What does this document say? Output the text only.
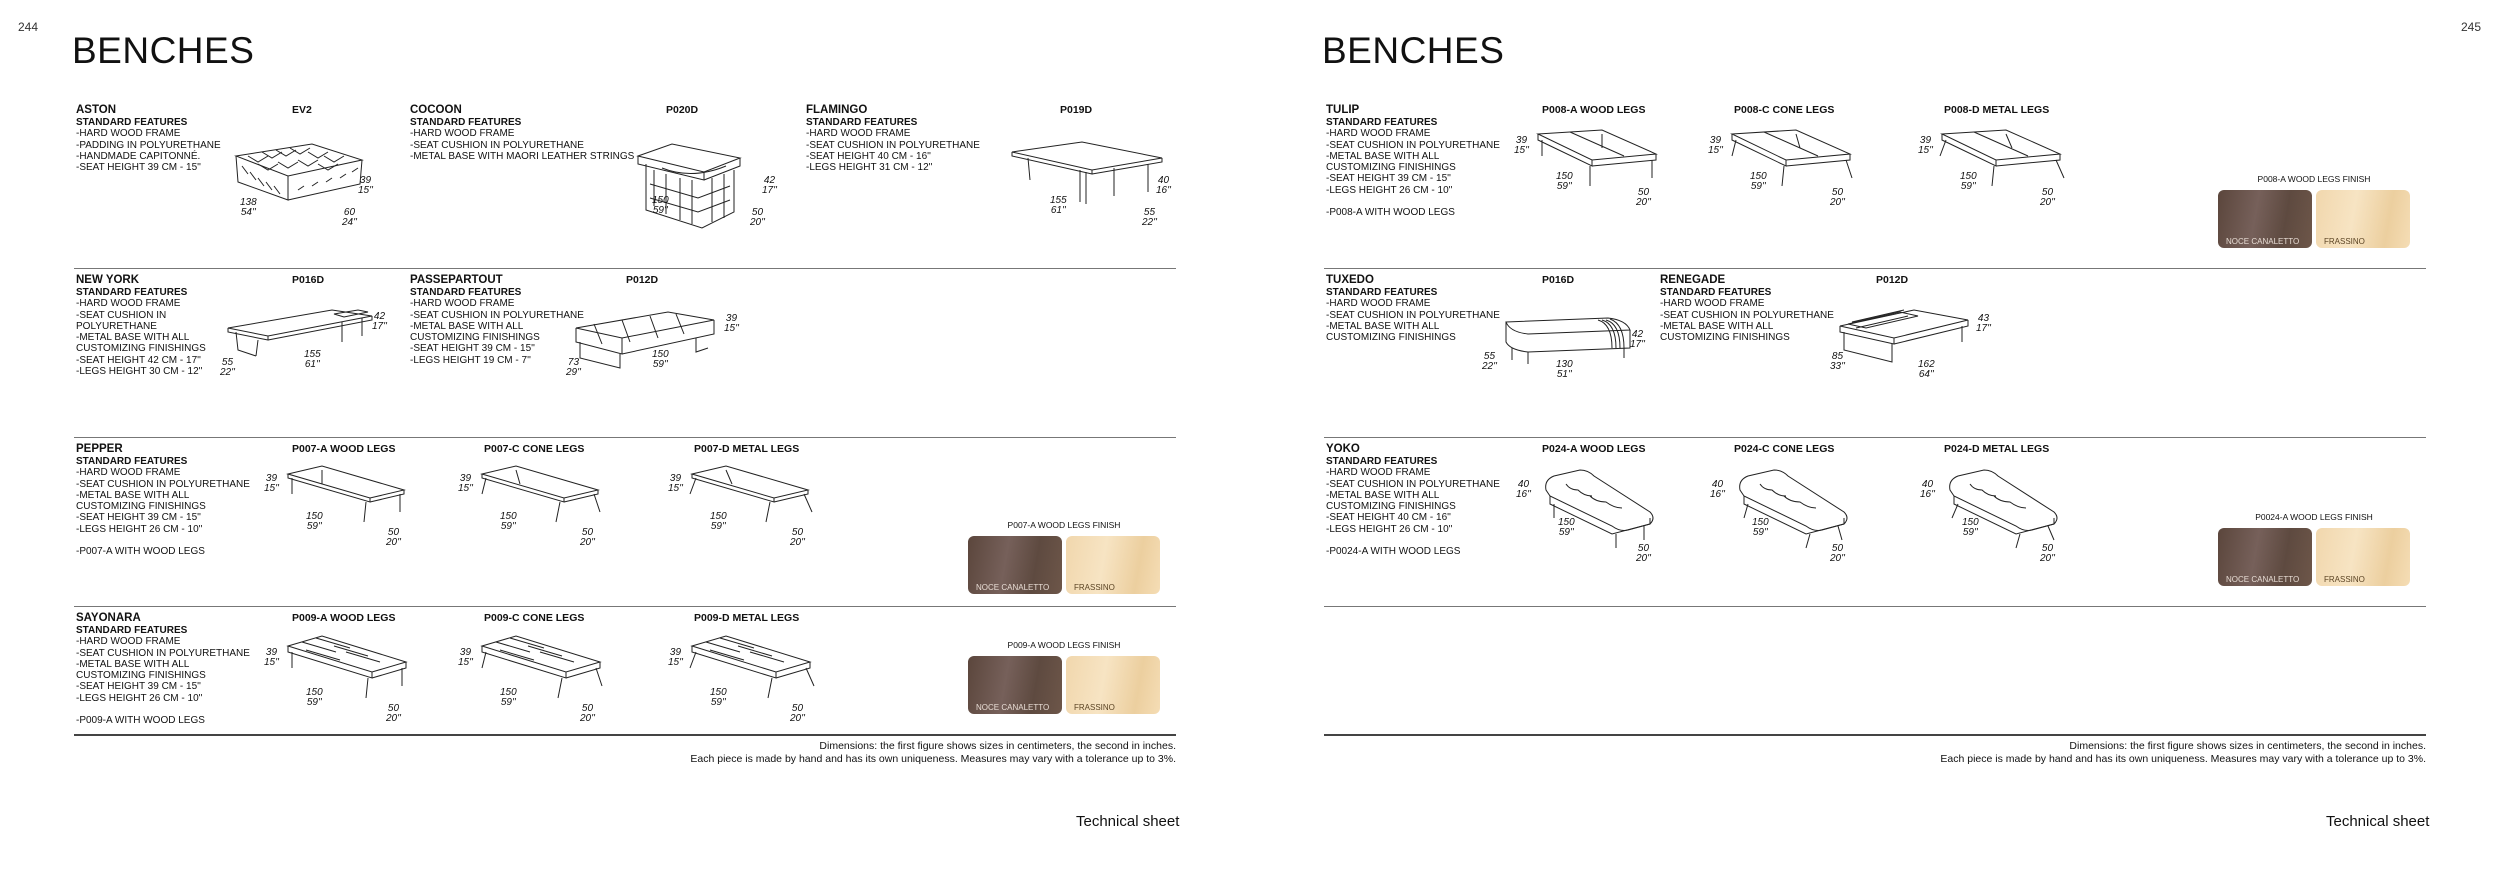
244
BENCHES
ASTON
STANDARD FEATURES
-HARD WOOD FRAME
-PADDING IN POLYURETHANE
-HANDMADE CAPITONNÉ.
-SEAT HEIGHT 39 CM - 15''
EV2
39
15''
60
24''
138
54''
COCOON
STANDARD FEATURES
-HARD WOOD FRAME
-SEAT CUSHION IN POLYURETHANE
-METAL BASE WITH MAORI LEATHER STRINGS
P020D
42
17''
50
20''
150
59''
FLAMINGO
STANDARD FEATURES
-HARD WOOD FRAME
-SEAT CUSHION IN POLYURETHANE
-SEAT HEIGHT 40 CM - 16''
-LEGS HEIGHT 31 CM - 12''
P019D
40
16''
55
22''
155
61''
NEW YORK
STANDARD FEATURES
-HARD WOOD FRAME
-SEAT CUSHION IN
POLYURETHANE
-METAL BASE WITH ALL
CUSTOMIZING FINISHINGS
-SEAT HEIGHT 42 CM - 17''
-LEGS HEIGHT 30 CM - 12''
P016D
42
17''
55
22''
155
61''
PASSEPARTOUT
STANDARD FEATURES
-HARD WOOD FRAME
-SEAT CUSHION IN POLYURETHANE
-METAL BASE WITH ALL
CUSTOMIZING FINISHINGS
-SEAT HEIGHT 39 CM - 15''
-LEGS HEIGHT 19 CM - 7''
P012D
39
15''
73
29''
150
59''
PEPPER
STANDARD FEATURES
-HARD WOOD FRAME
-SEAT CUSHION IN POLYURETHANE
-METAL BASE WITH ALL
CUSTOMIZING FINISHINGS
-SEAT HEIGHT 39 CM - 15''
-LEGS HEIGHT 26 CM - 10''
-P007-A WITH WOOD LEGS
P007-A WOOD LEGS	P007-C CONE LEGS	P007-D METAL LEGS
39
15''
150
59''
50
20''
39
15''
150
59''
50
20''
39
15''
150
59''
50
20''
P007-A WOOD LEGS FINISH
NOCE CANALETTO	FRASSINO
SAYONARA
STANDARD FEATURES
-HARD WOOD FRAME
-SEAT CUSHION IN POLYURETHANE
-METAL BASE WITH ALL
CUSTOMIZING FINISHINGS
-SEAT HEIGHT 39 CM - 15''
-LEGS HEIGHT 26 CM - 10''
-P009-A WITH WOOD LEGS
P009-A WOOD LEGS	P009-C CONE LEGS	P009-D METAL LEGS
39
15''
150
59''
50
20''
39
15''
150
59''
50
20''
39
15''
150
59''
50
20''
P009-A WOOD LEGS FINISH
NOCE CANALETTO	FRASSINO
Dimensions: the first figure shows sizes in centimeters, the second in inches.
Each piece is made by hand and has its own uniqueness. Measures may vary with a tolerance up to 3%.
Technical sheet
245
BENCHES
TULIP
STANDARD FEATURES
-HARD WOOD FRAME
-SEAT CUSHION IN POLYURETHANE
-METAL BASE WITH ALL
CUSTOMIZING FINISHINGS
-SEAT HEIGHT 39 CM - 15''
-LEGS HEIGHT 26 CM - 10''
-P008-A WITH WOOD LEGS
P008-A WOOD LEGS	P008-C CONE LEGS	P008-D METAL LEGS
39
15''
150
59''
50
20''
39
15''
150
59''
50
20''
39
15''
150
59''
50
20''
P008-A WOOD LEGS FINISH
NOCE CANALETTO	FRASSINO
TUXEDO
STANDARD FEATURES
-HARD WOOD FRAME
-SEAT CUSHION IN POLYURETHANE
-METAL BASE WITH ALL
CUSTOMIZING FINISHINGS
P016D
42
17''
55
22''	130
51''
RENEGADE
STANDARD FEATURES
-HARD WOOD FRAME
-SEAT CUSHION IN POLYURETHANE
-METAL BASE WITH ALL
CUSTOMIZING FINISHINGS
P012D
43
17''
85
33''	162
64''
YOKO
STANDARD FEATURES
-HARD WOOD FRAME
-SEAT CUSHION IN POLYURETHANE
-METAL BASE WITH ALL
CUSTOMIZING FINISHINGS
-SEAT HEIGHT 40 CM - 16''
-LEGS HEIGHT 26 CM - 10''
-P0024-A WITH WOOD LEGS
P024-A WOOD LEGS	P024-C CONE LEGS	P024-D METAL LEGS
40
16''
150
59''
50
20''
40
16''
150
59''
50
20''
40
16''
150
59''
50
20''
P0024-A WOOD LEGS FINISH
NOCE CANALETTO	FRASSINO
Dimensions: the first figure shows sizes in centimeters, the second in inches.
Each piece is made by hand and has its own uniqueness. Measures may vary with a tolerance up to 3%.
Technical sheet
